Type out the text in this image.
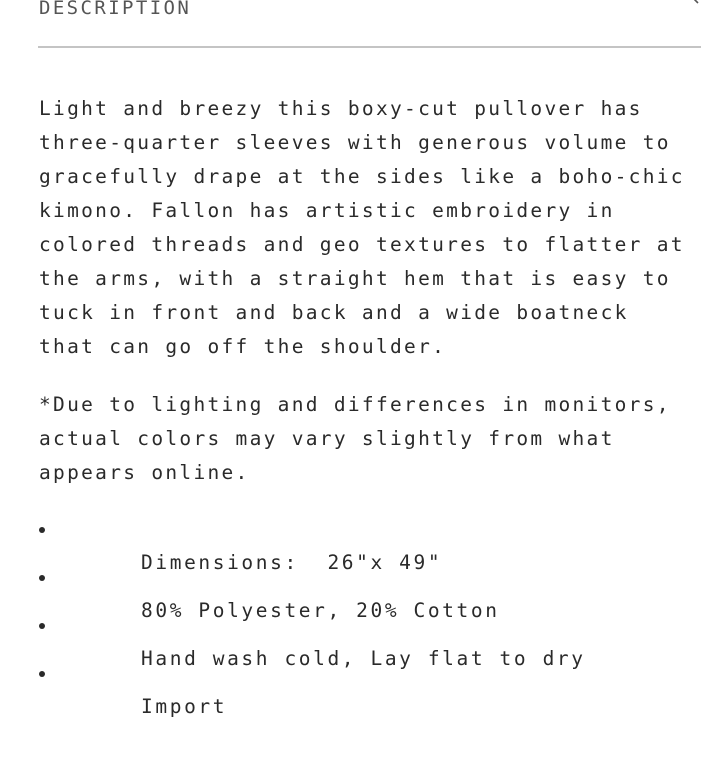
DESCRIPTION

Light and breezy this boxy-cut pullover has
three-quarter sleeves with generous volume to
gracefully drape at the sides like a boho-chic
kimono. Fallon has artistic embroidery in
colored threads and geo textures to flatter at
the arms, with a straight hem that is easy to
tuck in front and back and a wide boatneck
that can go off the shoulder.

*Due to lighting and differences in monitors,
actual colors may vary slightly from what
appears online.

Dimensions:  26"x 49"

80% Polyester, 20% Cotton

Hand wash cold, Lay flat to dry

Import
